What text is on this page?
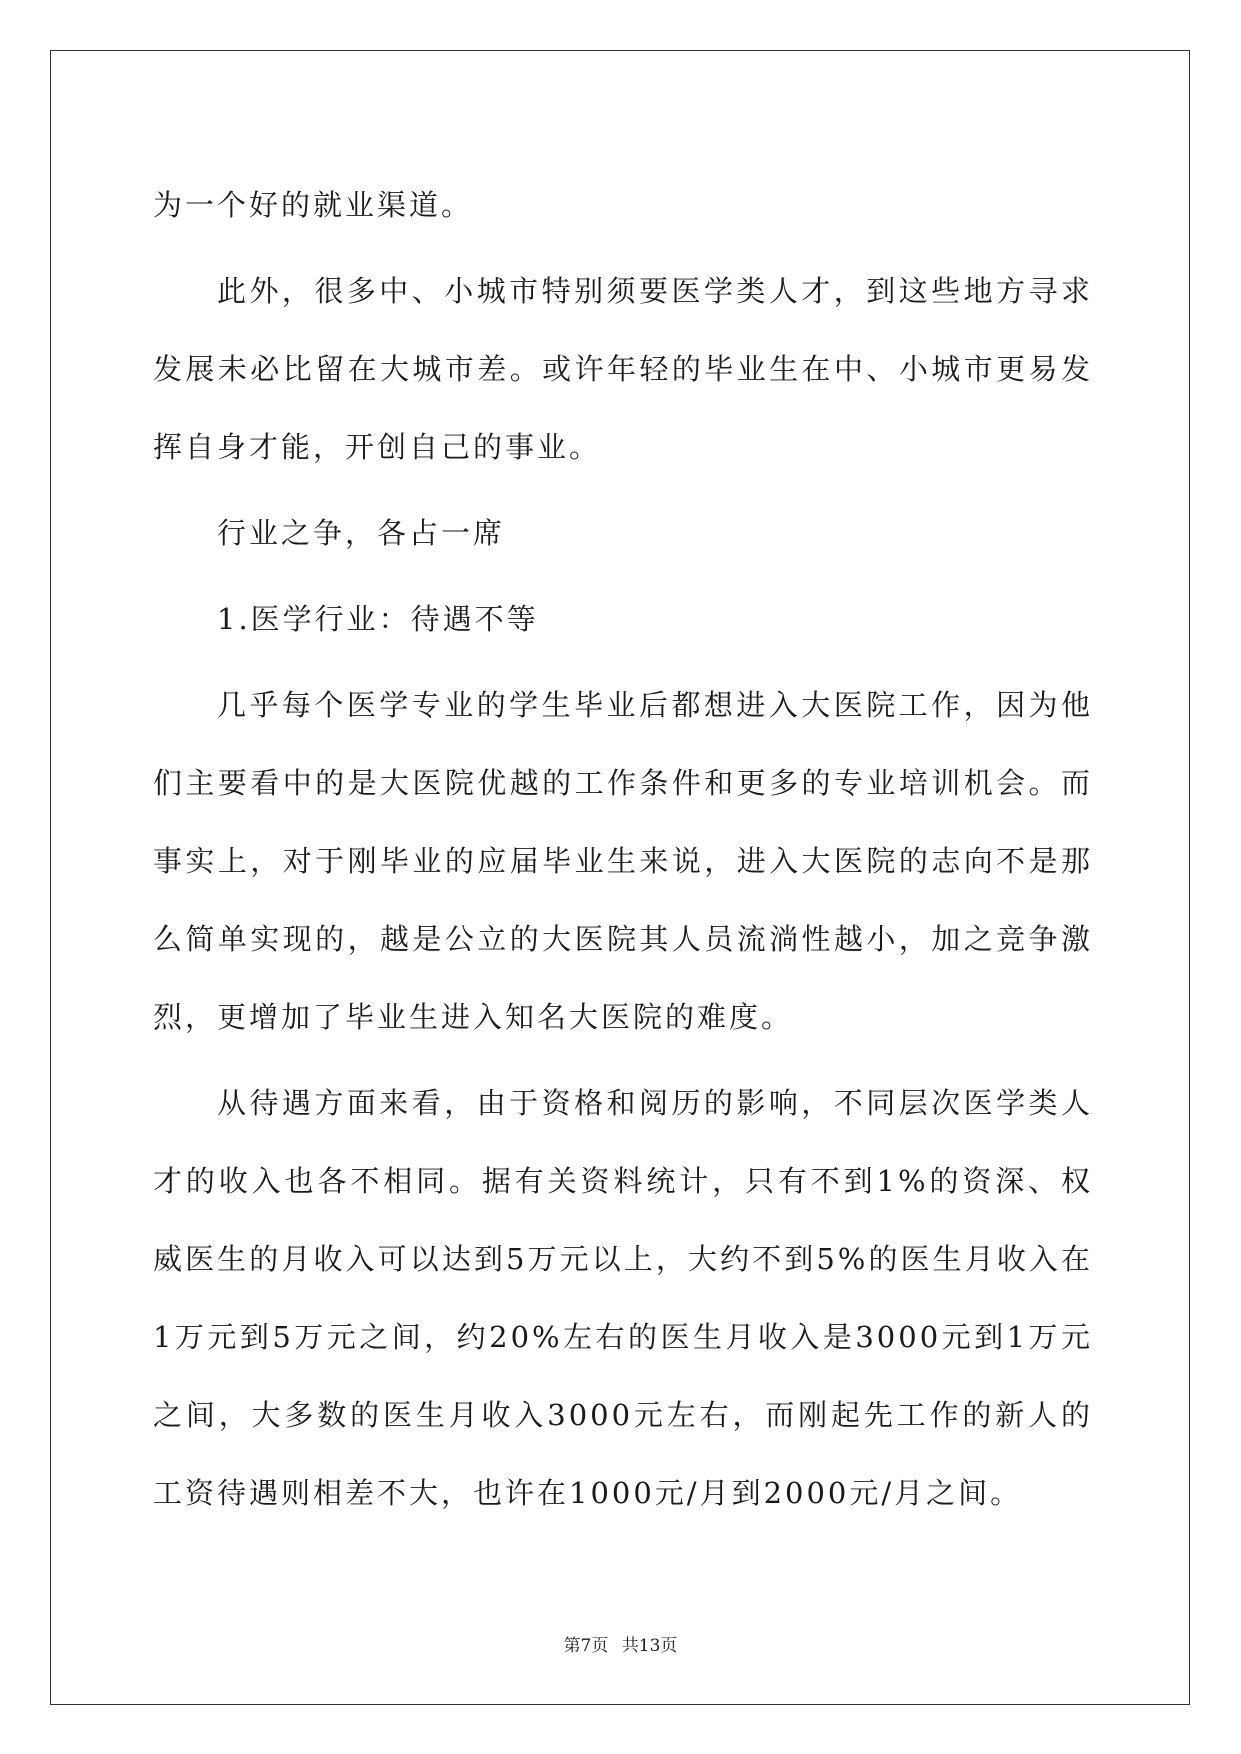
为一个好的就业渠道。

此外，很多中、小城市特别须要医学类人才，到这些地方寻求发展未必比留在大城市差。或许年轻的毕业生在中、小城市更易发挥自身才能，开创自己的事业。

行业之争，各占一席

1.医学行业：待遇不等

几乎每个医学专业的学生毕业后都想进入大医院工作，因为他们主要看中的是大医院优越的工作条件和更多的专业培训机会。而事实上，对于刚毕业的应届毕业生来说，进入大医院的志向不是那么简单实现的，越是公立的大医院其人员流淌性越小，加之竞争激烈，更增加了毕业生进入知名大医院的难度。

从待遇方面来看，由于资格和阅历的影响，不同层次医学类人才的收入也各不相同。据有关资料统计，只有不到1%的资深、权威医生的月收入可以达到5万元以上，大约不到5%的医生月收入在1万元到5万元之间，约20%左右的医生月收入是3000元到1万元之间，大多数的医生月收入3000元左右，而刚起先工作的新人的工资待遇则相差不大，也许在1000元/月到2000元/月之间。

第7页 共13页
